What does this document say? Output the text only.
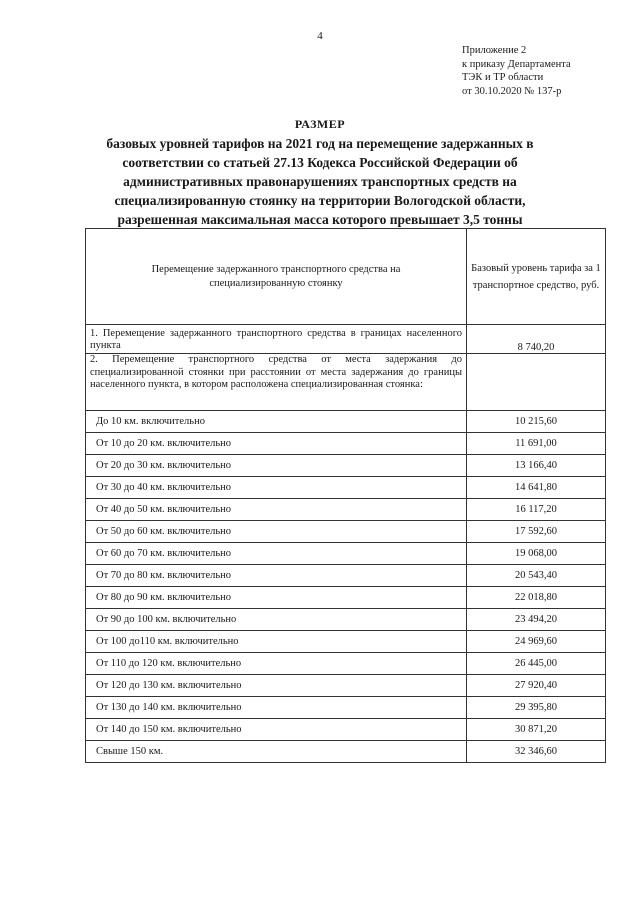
4
Приложение 2
к приказу Департамента
ТЭК и ТР области
от 30.10.2020 № 137-р
РАЗМЕР
базовых уровней тарифов на 2021 год на перемещение задержанных в
соответствии со статьей 27.13 Кодекса Российской Федерации об
административных правонарушениях транспортных средств на
специализированную стоянку на территории Вологодской области,
разрешенная максимальная масса которого превышает 3,5 тонны
Перемещение задержанного транспортного средства на специализированную стоянку	Базовый уровень тарифа за 1 транспортное средство, руб.
1. Перемещение задержанного транспортного средства в границах населенного пункта	8 740,20
2. Перемещение транспортного средства от места задержания до специализированной стоянки при расстоянии от места задержания до границы населенного пункта, в котором расположена специализированная стоянка:	
До 10 км. включительно	10 215,60
От 10 до 20 км. включительно	11 691,00
От 20 до 30 км. включительно	13 166,40
От 30 до 40 км. включительно	14 641,80
От 40 до 50 км. включительно	16 117,20
От 50 до 60 км. включительно	17 592,60
От 60 до 70 км. включительно	19 068,00
От 70 до 80 км. включительно	20 543,40
От 80 до 90 км. включительно	22 018,80
От 90 до 100 км. включительно	23 494,20
От 100 до110 км. включительно	24 969,60
От 110 до 120 км. включительно	26 445,00
От 120 до 130 км. включительно	27 920,40
От 130 до 140 км. включительно	29 395,80
От 140 до 150 км. включительно	30 871,20
Свыше 150 км.	32 346,60
